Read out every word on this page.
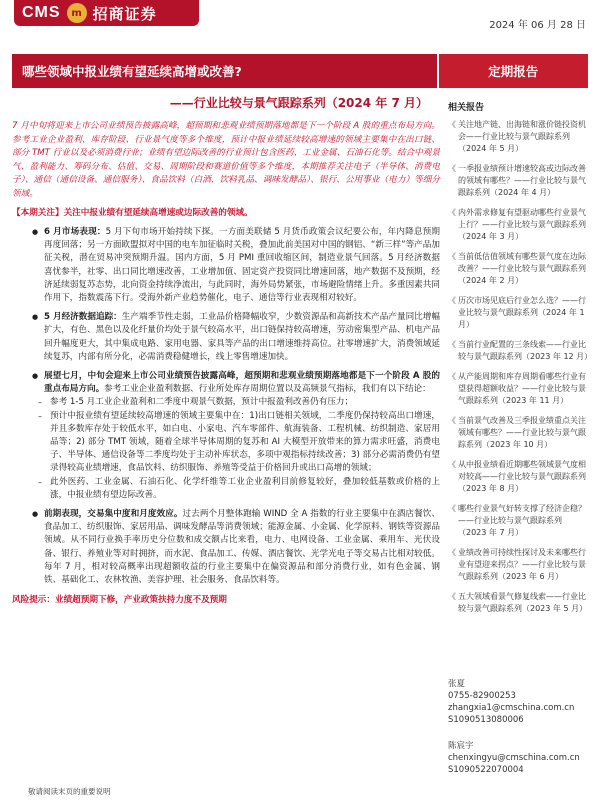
CMS	m 招商证券
2024 年 06 月 28 日
哪些领域中报业绩有望延续高增或改善?	定期报告
——行业比较与景气跟踪系列（2024 年 7 月）

7 月中旬将迎来上市公司业绩预告披露高峰，超预期和悲观业绩预期落地都是下一个阶段 A 股的重点布局方向。参考工业企业盈利、库存阶段、行业景气度等多个维度，预计中报业绩延续较高增速的领域主要集中在出口链、部分 TMT 行业以及必须消费行业；业绩有望边际改善的行业预计包含医药、工业金属、石油石化等。结合中观景气、盈利能力、筹码分布、估值、交易、周期阶段和赛道价值等多个维度，本期推荐关注电子（半导体、消费电子）、通信（通信设备、通信服务）、食品饮料（白酒、饮料乳品、调味发酵品）、银行、公用事业（电力）等细分领域。

【本期关注】关注中报业绩有望延续高增速或边际改善的领域。

● 6 月市场表现：5 月下旬市场开始持续下探。一方面美联储 5 月货币政策会议纪要公布，年内降息预期再度回落；另一方面欧盟拟对中国的电车加征临时关税，叠加此前美国对中国的钢铝、“新三样”等产品加征关税，潜在贸易冲突预期升温。国内方面，5 月 PMI 重回收缩区间，制造业景气回落。5 月经济数据喜忧参半，社零、出口同比增速改善，工业增加值、固定资产投资同比增速回落，地产数据不及预期，经济延续弱复苏态势，北向资金持续净流出，与此同时，海外局势紧张，市场避险情绪上升。多重因素共同作用下，指数震荡下行。受海外新产业趋势催化，电子、通信等行业表现相对较好。
● 5 月经济数据追踪：生产端季节性走弱，工业品价格降幅收窄，少数资源品和高新技术产品产量同比增幅扩大，有色、黑色以及化纤量价均处于景气较高水平，出口链保持较高增速，劳动密集型产品、机电产品回升幅度更大，其中集成电路、家用电器、家具等产品的出口增速维持高位。社零增速扩大，消费领域延续复苏，内部有所分化，必需消费稳健增长，线上零售增速加快。
● 展望七月，中旬会迎来上市公司业绩预告披露高峰，超预期和悲观业绩预期落地都是下一个阶段 A 股的重点布局方向。参考工业企业盈利数据、行业所处库存周期位置以及高频景气指标，我们有以下结论：
– 参考 1-5 月工业企业盈利和二季度中观景气数据，预计中报盈利改善仍有压力；
– 预计中报业绩有望延续较高增速的领域主要集中在：1)出口链相关领域，二季度仍保持较高出口增速，并且多数库存处于较低水平，如白电、小家电、汽车零部件、航海装备、工程机械、纺织制造、家居用品等；2) 部分 TMT 领域，随着全球半导体周期的复苏和 AI 大模型开放带来的算力需求旺盛，消费电子、半导体、通信设备等二季度均处于主动补库状态，多项中观指标持续改善；3) 部分必需消费仍有望录得较高业绩增速，食品饮料、纺织服饰、养殖等受益于价格回升或出口高增的领域；
– 此外医药、工业金属、石油石化、化学纤维等工业企业盈利目前修复较好，叠加较低基数或价格的上涨，中报业绩有望边际改善。
● 前期表现，交易集中度和月度效应。过去两个月整体跑输 WIND 全 A 指数的行业主要集中在酒店餐饮、食品加工、纺织服饰、家居用品、调味发酵品等消费领域；能源金属、小金属、化学原料、钢铁等资源品领域。从不同行业换手率历史分位数和成交额占比来看，电力、电网设备、工业金属、乘用车、光伏设备、银行、养殖业等对时拥挤，而水泥、食品加工、传媒、酒店餐饮、光学光电子等交易占比相对较低。每年 7 月，相对较高概率出现超额收益的行业主要集中在偏资源品和部分消费行业，如有色金属、钢铁、基础化工、农林牧渔、美容护理、社会服务、食品饮料等。

风险提示：业绩超预期下修，产业政策扶持力度不及预期

敬请阅读末页的重要说明
相关报告
《 关注地产链、出海链和涨价链投资机会——行业比较与景气跟踪系列（2024 年 5 月）
《 一季报业绩预计增速较高或边际改善的领域有哪些？——行业比较与景气跟踪系列（2024 年 4 月）
《 内外需求修复有望驱动哪些行业景气上行？——行业比较与景气跟踪系列（2024 年 3 月）
《 当前低估值领域有哪些景气度在边际改善？——行业比较与景气跟踪系列（2024 年 2 月）
《 历次市场见底后行业怎么选？——行业比较与景气跟踪系列（2024 年 1 月）
《 当前行业配置的三条线索——行业比较与景气跟踪系列（2023 年 12 月）
《 从产能周期和库存周期看哪些行业有望获得超额收益？——行业比较与景气跟踪系列（2023 年 11 月）
《 当前景气改善及三季报业绩重点关注领域有哪些？——行业比较与景气跟踪系列（2023 年 10 月）
《 从中报业绩看近期哪些领域景气度相对较高——行业比较与景气跟踪系列（2023 年 8 月）
《 哪些行业景气好转支撑了经济企稳？——行业比较与景气跟踪系列（2023 年 7 月）
《 业绩改善可持续性探讨及未来哪些行业有望迎来拐点？——行业比较与景气跟踪系列（2023 年 6 月）
《 五大领域看景气修复线索——行业比较与景气跟踪系列（2023 年 5 月）
张夏
0755-82900253
zhangxia1@cmschina.com.cn
S1090513080006
陈宸宇
chenxingyu@cmschina.com.cn
S1090522070004
